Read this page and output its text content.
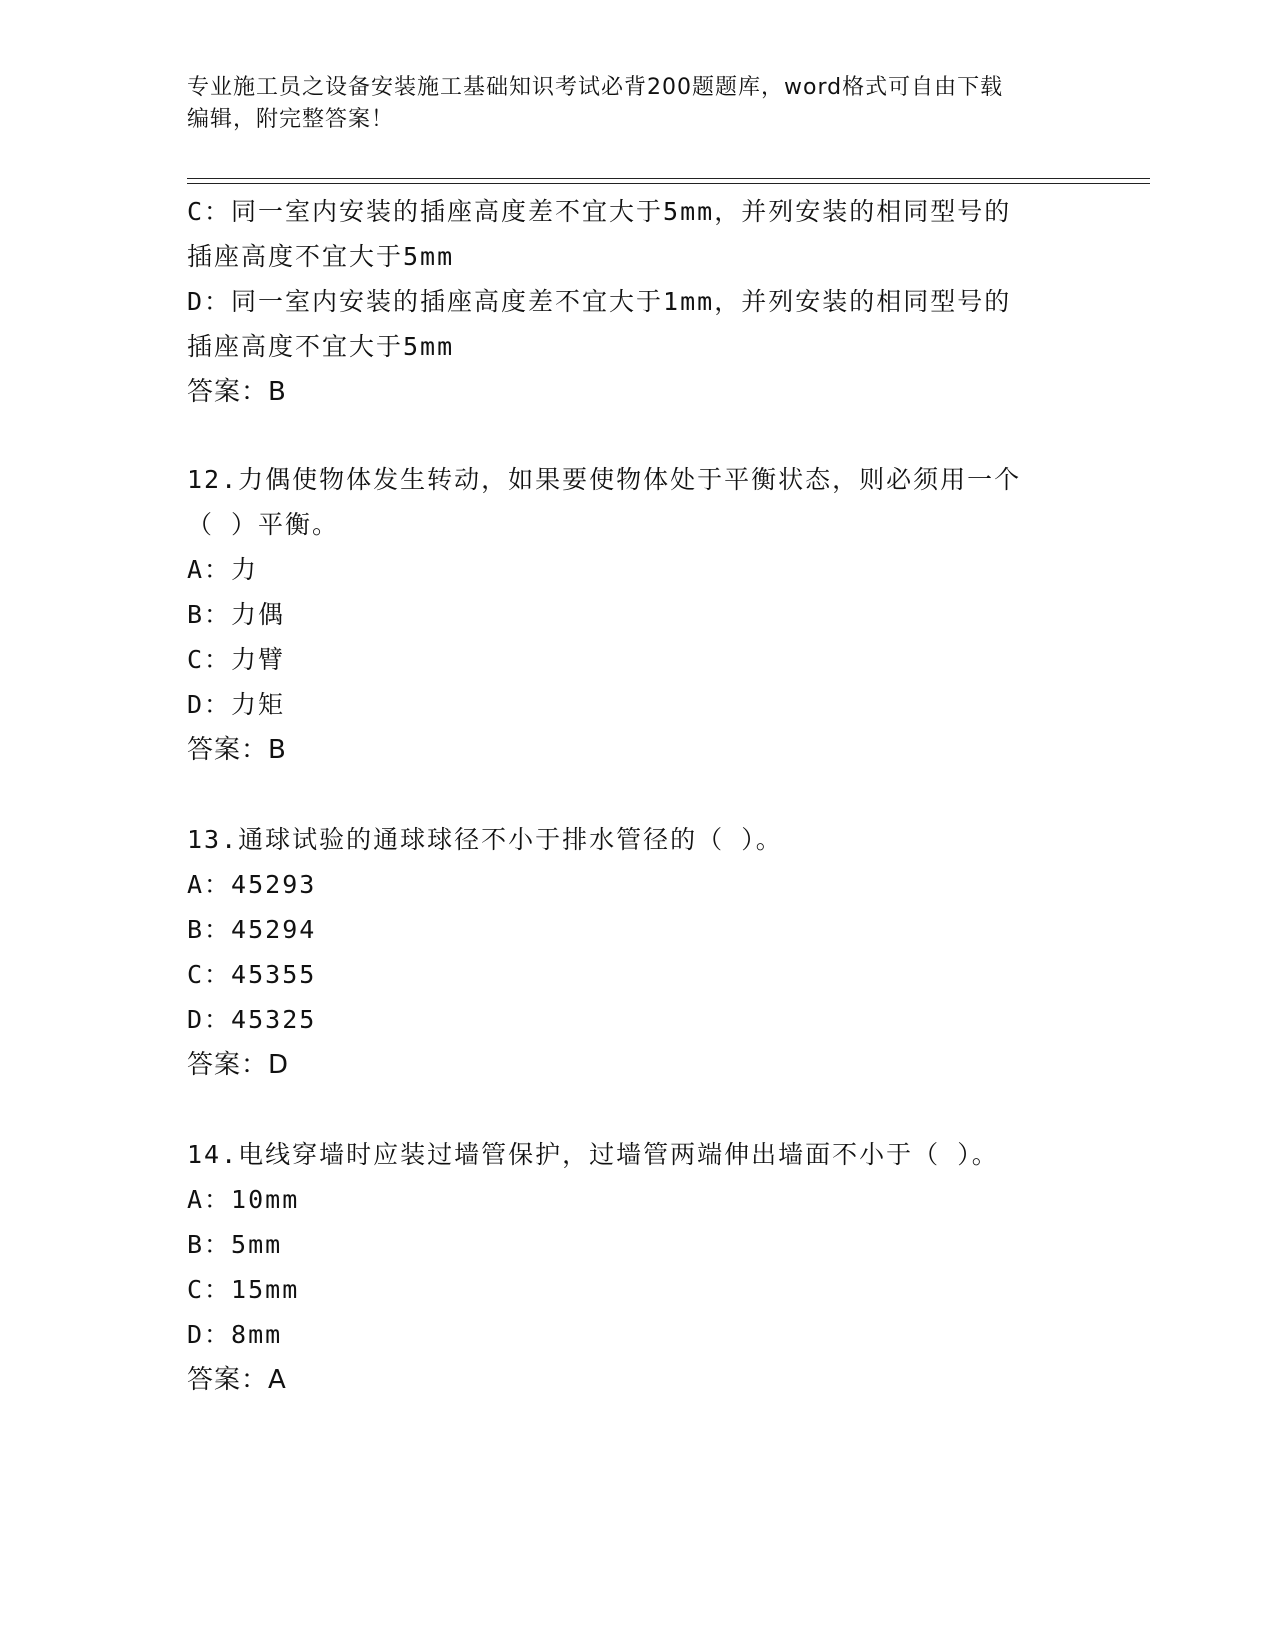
专业施工员之设备安装施工基础知识考试必背200题题库，word格式可自由下载
编辑，附完整答案！
C：同一室内安装的插座高度差不宜大于5mm，并列安装的相同型号的
插座高度不宜大于5mm
D：同一室内安装的插座高度差不宜大于1mm，并列安装的相同型号的
插座高度不宜大于5mm
答案：B
12.力偶使物体发生转动，如果要使物体处于平衡状态，则必须用一个
（ ）平衡。
A：力
B：力偶
C：力臂
D：力矩
答案：B
13.通球试验的通球球径不小于排水管径的（ ）。
A：45293
B：45294
C：45355
D：45325
答案：D
14.电线穿墙时应装过墙管保护，过墙管两端伸出墙面不小于（ ）。
A：10mm
B：5mm
C：15mm
D：8mm
答案：A
